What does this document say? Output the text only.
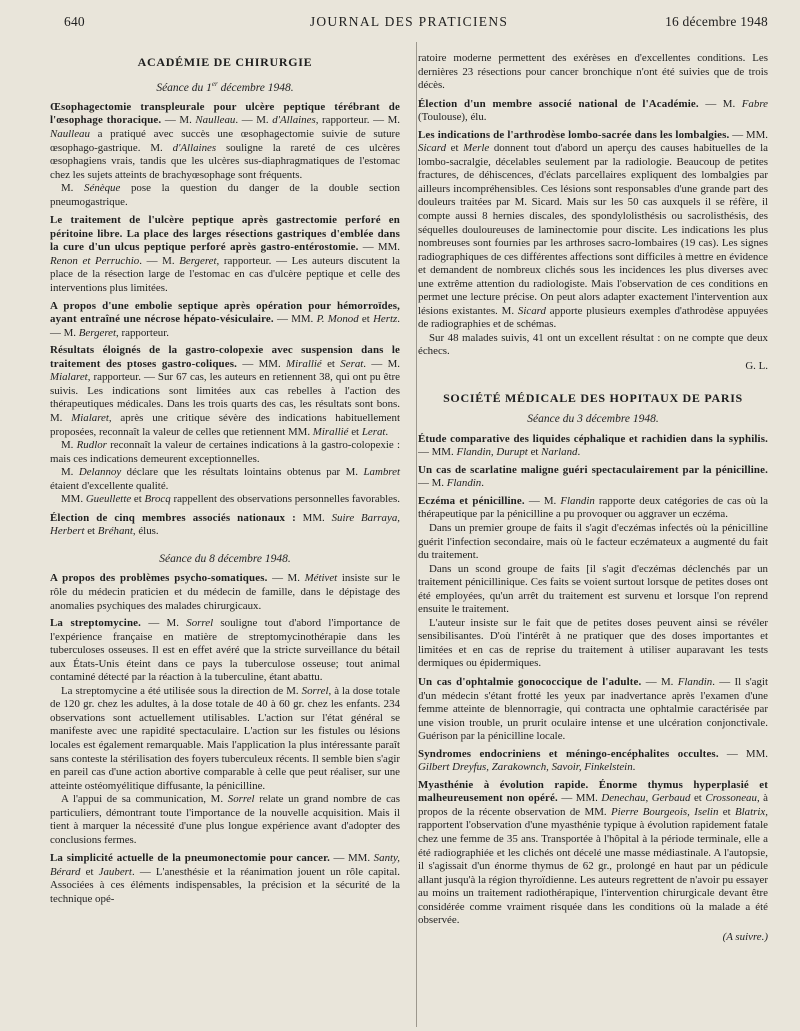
640	JOURNAL DES PRATICIENS	16 décembre 1948
ACADÉMIE DE CHIRURGIE
Séance du 1er décembre 1948.

Œsophagectomie transpleurale pour ulcère peptique térébrant de l'œsophage thoracique. — M. Naulleau. — M. d'Allaines, rapporteur. — M. Naulleau a pratiqué avec succès une œsophagectomie suivie de suture œsophago-gastrique. M. d'Allaines souligne la rareté de ces ulcères œsophagiens vrais, tandis que les ulcères sus-diaphragmatiques de l'estomac chez les sujets atteints de brachyœsophage sont fréquents.

M. Sénèque pose la question du danger de la double section pneumogastrique.

Le traitement de l'ulcère peptique après gastrectomie perforé en péritoine libre. La place des larges résections gastriques d'emblée dans la cure d'un ulcus peptique perforé après gastro-entérostomie. — MM. Renon et Perruchio. — M. Bergeret, rapporteur. — Les auteurs discutent la place de la résection large de l'estomac en cas d'ulcère peptique et celle des interventions plus limitées.
A propos d'une embolie septique après opération pour hémorroïdes, ayant entraîné une nécrose hépato-vésiculaire. — MM. P. Monod et Hertz. — M. Bergeret, rapporteur.
Résultats éloignés de la gastro-colopexie avec suspension dans le traitement des ptoses gastro-coliques. — MM. Mirallié et Serat. — M. Mialaret, rapporteur. — Sur 67 cas, les auteurs en retiennent 38, qui ont pu être suivis. Les indications sont limitées aux cas rebelles à l'action des thérapeutiques médicales. Dans les trois quarts des cas, les résultats sont bons. M. Mialaret, après une critique sévère des indications habituellement proposées, reconnaît la valeur de celles que retiennent MM. Mirallié et Lerat.

M. Rudlor reconnaît la valeur de certaines indications à la gastro-colopexie : mais ces indications demeurent exceptionnelles.

M. Delannoy déclare que les résultats lointains obtenus par M. Lambret étaient d'excellente qualité.

MM. Gueullette et Brocq rappellent des observations personnelles favorables.

Élection de cinq membres associés nationaux : MM. Suire Barraya, Herbert et Bréhant, élus.
Séance du 8 décembre 1948.
A propos des problèmes psycho-somatiques. — M. Métivet insiste sur le rôle du médecin praticien et du médecin de famille, dans le dépistage des anomalies psychiques des malades chirurgicaux.
La streptomycine. — M. Sorrel souligne tout d'abord l'importance de l'expérience française en matière de streptomycinothérapie dans les tuberculoses osseuses. Il est en effet avéré que la stricte surveillance du bétail aux États-Unis éteint dans ce pays la tuberculose osseuse; tout animal contaminé détecté par la réaction à la tuberculine, étant abattu.

La streptomycine a été utilisée sous la direction de M. Sorrel, à la dose totale de 120 gr. chez les adultes, à la dose totale de 40 à 60 gr. chez les enfants. 234 observations sont actuellement utilisables. L'action sur l'état général se manifeste avec une rapidité spectaculaire. L'action sur les fistules ou lésions locales est également remarquable. Mais l'application la plus intéressante paraît sans conteste la stérilisation des foyers tuberculeux récents. Il semble bien s'agir en pareil cas d'une action abortive comparable à celle que peut réaliser, sur une atteinte ostéomyélitique diffusante, la pénicilline.

A l'appui de sa communication, M. Sorrel relate un grand nombre de cas particuliers, démontrant toute l'importance de la nouvelle acquisition. Mais il tient à marquer la nécessité d'une plus longue expérience avant d'adopter des conclusions fermes.

La simplicité actuelle de la pneumonectomie pour cancer. — MM. Santy, Bérard et Jaubert. — L'anesthésie et la réanimation jouent un rôle capital. Associées à ces éléments indispensables, la précision et la sécurité de la technique opé-

ratoire moderne permettent des exérèses en d'excellentes conditions. Les dernières 23 résections pour cancer bronchique n'ont été suivies que de trois décès.

Élection d'un membre associé national de l'Académie. — M. Fabre (Toulouse), élu.
Les indications de l'arthrodèse lombo-sacrée dans les lombalgies. — MM. Sicard et Merle donnent tout d'abord un aperçu des causes habituelles de la lombo-sacralgie, décelables seulement par la radiologie. Beaucoup de petites fractures, de déhiscences, d'éclats parcellaires expliquent des lombalgies par ailleurs incompréhensibles. Ces lésions sont responsables d'une grande part des douleurs traitées par M. Sicard. Mais sur les 50 cas auxquels il se réfère, il compte aussi 8 hernies discales, des spondylolisthésis ou sacrolisthésis, des séquelles douloureuses de laminectomie pour discite. Les indications les plus nombreuses sont fournies par les arthroses sacro-lombaires (19 cas). Les signes radiographiques de ces différentes affections sont difficiles à mettre en évidence et demandent de nombreux clichés sous les incidences les plus diverses avec une extrême attention du radiologiste. Mais l'observation de ces conditions en permet une lecture précise. On peut alors adapter exactement l'intervention aux lésions existantes. M. Sicard apporte plusieurs exemples d'athrodèse appuyées de radiographies et de schémas.

Sur 48 malades suivis, 41 ont un excellent résultat : on ne compte que deux échecs.

G. L.
SOCIÉTÉ MÉDICALE DES HOPITAUX DE PARIS
Séance du 3 décembre 1948.
Étude comparative des liquides céphalique et rachidien dans la syphilis. — MM. Flandin, Durupt et Narland.
Un cas de scarlatine maligne guéri spectaculairement par la pénicilline. — M. Flandin.
Eczéma et pénicilline. — M. Flandin rapporte deux catégories de cas où la thérapeutique par la pénicilline a pu provoquer ou aggraver un eczéma.

Dans un premier groupe de faits il s'agit d'eczémas infectés où la pénicilline guérit l'infection secondaire, mais où le facteur eczémateux a augmenté du fait du traitement.

Dans un scond groupe de faits [il s'agit d'eczémas déclenchés par un traitement pénicillinique. Ces faits se voient surtout lorsque de petites doses ont été employées, qu'un arrêt du traitement est survenu et lorsque l'on reprend ensuite le traitement.

L'auteur insiste sur le fait que de petites doses peuvent ainsi se révéler sensibilisantes. D'où l'intérêt à ne pratiquer que des doses importantes et limitées et en cas de reprise du traitement à utiliser auparavant les tests dermiques ou épidermiques.

Un cas d'ophtalmie gonococcique de l'adulte. — M. Flandin. — Il s'agit d'un médecin s'étant frotté les yeux par inadvertance après l'examen d'une femme atteinte de blennorragie, qui contracta une ophtalmie caractérisée par une vision trouble, un prurit oculaire intense et une ulcération conjonctivale. Guérison par la pénicilline locale.
Syndromes endocriniens et méningo-encéphalites occultes. — MM. Gilbert Dreyfus, Zarakownch, Savoir, Finkelstein.
Myasthénie à évolution rapide. Énorme thymus hyperplasié et malheureusement non opéré. — MM. Denechau, Gerbaud et Crossoneau, à propos de la récente observation de MM. Pierre Bourgeois, Iselin et Blatrix, rapportent l'observation d'une myasthénie typique à évolution rapidement fatale chez une femme de 35 ans. Transportée à l'hôpital à la période terminale, elle a été radiographiée et les clichés ont décelé une masse médiastinale. A l'autopsie, il s'agissait d'un énorme thymus de 62 gr., prolongé en haut par un pédicule allant jusqu'à la région thyroïdienne. Les auteurs regrettent de n'avoir pu essayer au moins un traitement radiothérapique, l'intervention chirurgicale devant être considérée comme vraiment risquée dans les conditions où la malade a été observée.
(A suivre.)
